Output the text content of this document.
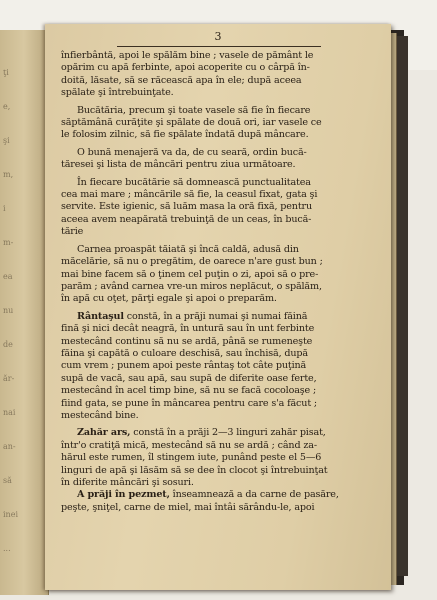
ţi
e,
şi
m,
i
m-
ea
nu
de
ăr-
nai
an-
să
inei
...
3
înfierbântă, apoi le spălăm bine ; vasele de pământ le
opărim cu apă ferbinte, apoi acoperite cu o cârpă în-
doită, lăsate, să se răcească apa în ele; după aceea
spălate şi întrebuinţate.
Bucătăria, precum şi toate vasele să fie în fiecare
săptămână curăţite şi spălate de două ori, iar vasele ce
le folosim zilnic, să fie spălate îndată după mâncare.
O bună menajeră va da, de cu seară, ordin bucă-
tăresei şi lista de mâncări pentru ziua următoare.
În fiecare bucătărie să domnească punctualitatea
cea mai mare ; mâncările să fie, la ceasul fixat, gata şi
servite. Este igienic, să luăm masa la oră fixă, pentru
aceea avem neapărată trebuinţă de un ceas, în bucă-
tărie
Carnea proaspăt tăiată şi încă caldă, adusă din
măcelărie, să nu o pregătim, de oarece n'are gust bun ;
mai bine facem să o ţinem cel puţin o zi, apoi să o pre-
parăm ; având carnea vre-un miros neplăcut, o spălăm,
în apă cu oţet, părţi egale şi apoi o preparăm.
Rântaşul constă, în a prăji numai şi numai făină
fină şi nici decât neagră, în untură sau în unt ferbinte
mestecând continu să nu se ardă, până se rumeneşte
făina şi capătă o culoare deschisă, sau închisă, după
cum vrem ; punem apoi peste rântaş tot câte puţină
supă de vacă, sau apă, sau supă de diferite oase ferte,
mestecând în acel timp bine, să nu se facă cocoloaşe ;
fiind gata, se pune în mâncarea pentru care s'a făcut ;
mestecând bine.
Zahăr ars, constă în a prăji 2—3 linguri zahăr pisat,
într'o cratiţă mică, mestecând să nu se ardă ; când za-
hărul este rumen, îl stingem iute, punând peste el 5—6
linguri de apă şi lăsăm să se dee în clocot şi întrebuinţat
în diferite mâncări şi sosuri.
A prăji în pezmet, înseamnează a da carne de pasăre,
peşte, şniţel, carne de miel, mai întâi sărându-le, apoi
